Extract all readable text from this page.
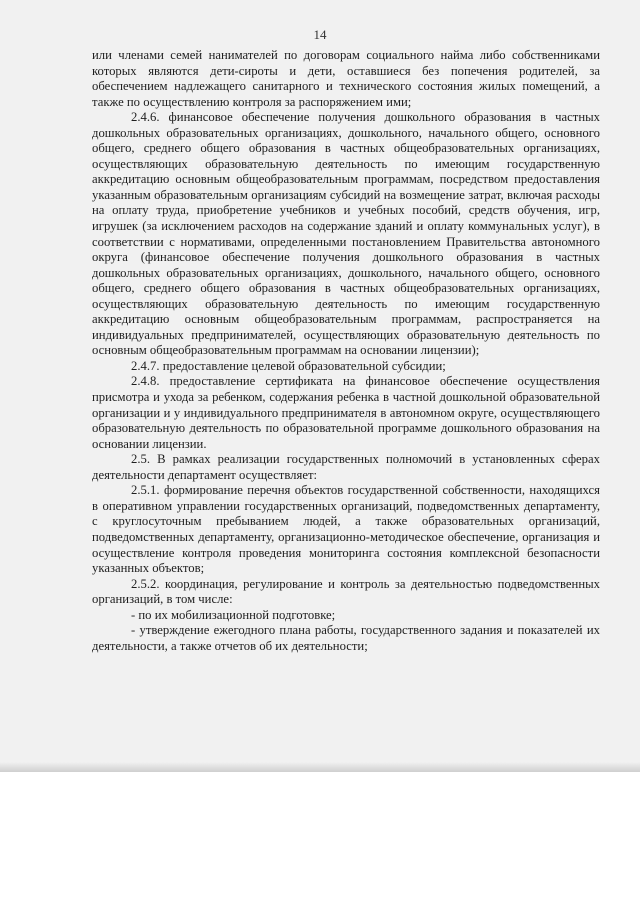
14

или членами семей нанимателей по договорам социального найма либо собственниками которых являются дети-сироты и дети, оставшиеся без попечения родителей, за обеспечением надлежащего санитарного и технического состояния жилых помещений, а также по осуществлению контроля за распоряжением ими;

2.4.6. финансовое обеспечение получения дошкольного образования в частных дошкольных образовательных организациях, дошкольного, начального общего, основного общего, среднего общего образования в частных общеобразовательных организациях, осуществляющих образовательную деятельность по имеющим государственную аккредитацию основным общеобразовательным программам, посредством предоставления указанным образовательным организациям субсидий на возмещение затрат, включая расходы на оплату труда, приобретение учебников и учебных пособий, средств обучения, игр, игрушек (за исключением расходов на содержание зданий и оплату коммунальных услуг), в соответствии с нормативами, определенными постановлением Правительства автономного округа (финансовое обеспечение получения дошкольного образования в частных дошкольных образовательных организациях, дошкольного, начального общего, основного общего, среднего общего образования в частных общеобразовательных организациях, осуществляющих образовательную деятельность по имеющим государственную аккредитацию основным общеобразовательным программам, распространяется на индивидуальных предпринимателей, осуществляющих образовательную деятельность по основным общеобразовательным программам на основании лицензии);

2.4.7. предоставление целевой образовательной субсидии;

2.4.8. предоставление сертификата на финансовое обеспечение осуществления присмотра и ухода за ребенком, содержания ребенка в частной дошкольной образовательной организации и у индивидуального предпринимателя в автономном округе, осуществляющего образовательную деятельность по образовательной программе дошкольного образования на основании лицензии.

2.5. В рамках реализации государственных полномочий в установленных сферах деятельности департамент осуществляет:

2.5.1. формирование перечня объектов государственной собственности, находящихся в оперативном управлении государственных организаций, подведомственных департаменту, с круглосуточным пребыванием людей, а также образовательных организаций, подведомственных департаменту, организационно-методическое обеспечение, организация и осуществление контроля проведения мониторинга состояния комплексной безопасности указанных объектов;

2.5.2. координация, регулирование и контроль за деятельностью подведомственных организаций, в том числе:

- по их мобилизационной подготовке;

- утверждение ежегодного плана работы, государственного задания и показателей их деятельности, а также отчетов об их деятельности;
